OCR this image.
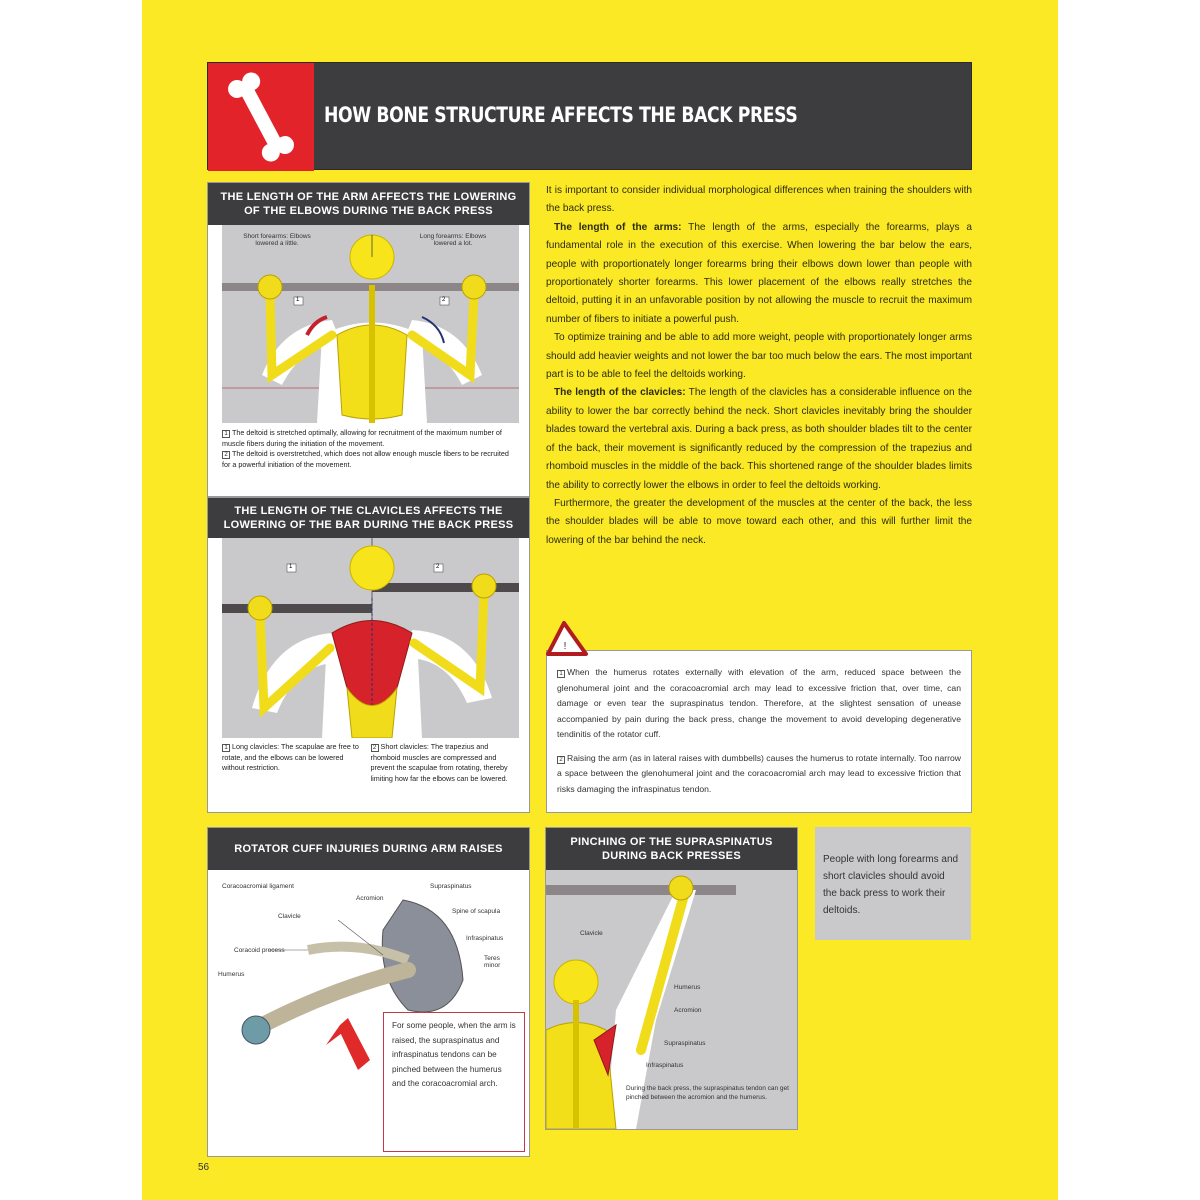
HOW BONE STRUCTURE AFFECTS THE BACK PRESS
THE LENGTH OF THE ARM AFFECTS THE LOWERING OF THE ELBOWS DURING THE BACK PRESS
Short forearms: Elbows lowered a little.
Long forearms: Elbows lowered a lot.
1	2
1 The deltoid is stretched optimally, allowing for recruitment of the maximum number of muscle fibers during the initiation of the movement.
2 The deltoid is overstretched, which does not allow enough muscle fibers to be recruited for a powerful initiation of the movement.
THE LENGTH OF THE CLAVICLES AFFECTS THE LOWERING OF THE BAR DURING THE BACK PRESS
1	2
1 Long clavicles: The scapulae are free to rotate, and the elbows can be lowered without restriction.
2 Short clavicles: The trapezius and rhomboid muscles are compressed and prevent the scapulae from rotating, thereby limiting how far the elbows can be lowered.

It is important to consider individual morphological differences when training the shoulders with the back press.

The length of the arms: The length of the arms, especially the forearms, plays a fundamental role in the execution of this exercise. When lowering the bar below the ears, people with proportionately longer forearms bring their elbows down lower than people with proportionately shorter forearms. This lower placement of the elbows really stretches the deltoid, putting it in an unfavorable position by not allowing the muscle to recruit the maximum number of fibers to initiate a powerful push.

To optimize training and be able to add more weight, people with proportionately longer arms should add heavier weights and not lower the bar too much below the ears. The most important part is to be able to feel the deltoids working.

The length of the clavicles: The length of the clavicles has a considerable influence on the ability to lower the bar correctly behind the neck. Short clavicles inevitably bring the shoulder blades toward the vertebral axis. During a back press, as both shoulder blades tilt to the center of the back, their movement is significantly reduced by the compression of the trapezius and rhomboid muscles in the middle of the back. This shortened range of the shoulder blades limits the ability to correctly lower the elbows in order to feel the deltoids working.

Furthermore, the greater the development of the muscles at the center of the back, the less the shoulder blades will be able to move toward each other, and this will further limit the lowering of the bar behind the neck.

1 When the humerus rotates externally with elevation of the arm, reduced space between the glenohumeral joint and the coracoacromial arch may lead to excessive friction that, over time, can damage or even tear the supraspinatus tendon. Therefore, at the slightest sensation of unease accompanied by pain during the back press, change the movement to avoid developing degenerative tendinitis of the rotator cuff.

2 Raising the arm (as in lateral raises with dumbbells) causes the humerus to rotate internally. Too narrow a space between the glenohumeral joint and the coracoacromial arch may lead to excessive friction that risks damaging the infraspinatus tendon.

!
ROTATOR CUFF INJURIES DURING ARM RAISES
Coracoacromial ligament
Acromion
Supraspinatus
Spine of scapula
Clavicle
Infraspinatus
Coracoid process
Teres minor
Humerus
For some people, when the arm is raised, the supraspinatus and infraspinatus tendons can be pinched between the humerus and the coracoacromial arch.
PINCHING OF THE SUPRASPINATUS DURING BACK PRESSES
Clavicle
Humerus
Acromion
Supraspinatus
Infraspinatus
During the back press, the supraspinatus tendon can get pinched between the acromion and the humerus.
People with long forearms and short clavicles should avoid the back press to work their deltoids.
56
